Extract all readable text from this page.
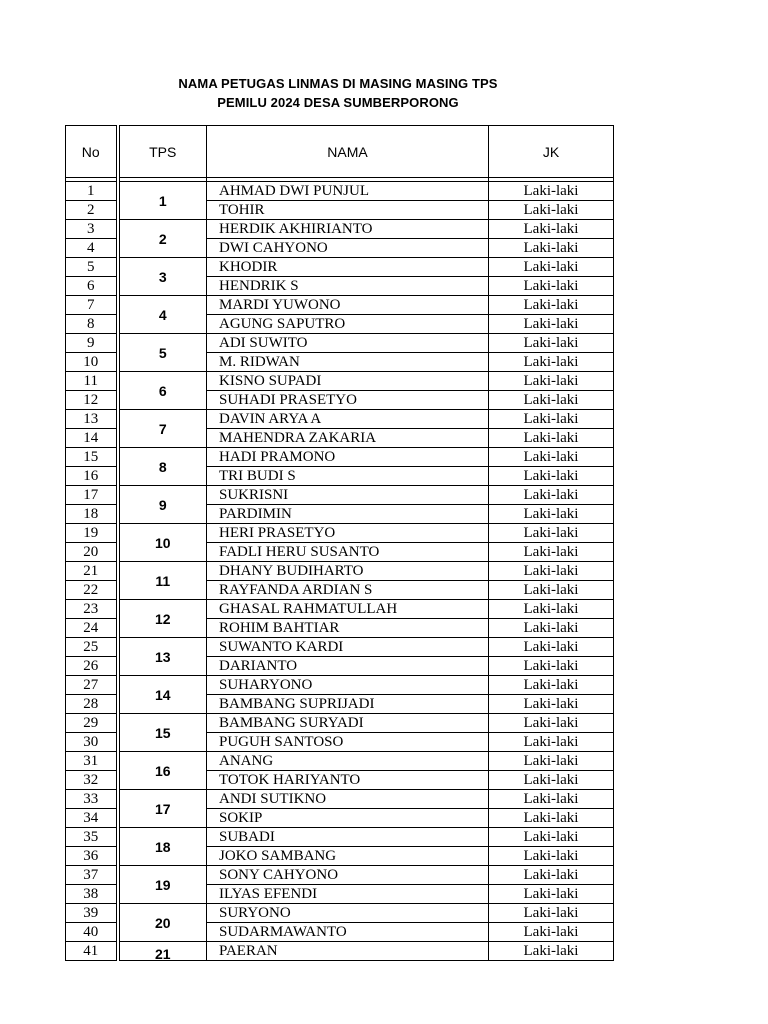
NAMA PETUGAS LINMAS DI MASING MASING TPS
PEMILU 2024 DESA SUMBERPORONG
No	TPS	NAMA	JK

1	1	AHMAD DWI PUNJUL	Laki-laki
2		TOHIR	Laki-laki
3	2	HERDIK AKHIRIANTO	Laki-laki
4		DWI CAHYONO	Laki-laki
5	3	KHODIR	Laki-laki
6		HENDRIK S	Laki-laki
7	4	MARDI YUWONO	Laki-laki
8		AGUNG SAPUTRO	Laki-laki
9	5	ADI SUWITO	Laki-laki
10		M. RIDWAN	Laki-laki
11	6	KISNO SUPADI	Laki-laki
12		SUHADI PRASETYO	Laki-laki
13	7	DAVIN ARYA A	Laki-laki
14		MAHENDRA ZAKARIA	Laki-laki
15	8	HADI PRAMONO	Laki-laki
16		TRI BUDI S	Laki-laki
17	9	SUKRISNI	Laki-laki
18		PARDIMIN	Laki-laki
19	10	HERI PRASETYO	Laki-laki
20		FADLI HERU SUSANTO	Laki-laki
21	11	DHANY BUDIHARTO	Laki-laki
22		RAYFANDA ARDIAN S	Laki-laki
23	12	GHASAL RAHMATULLAH	Laki-laki
24		ROHIM BAHTIAR	Laki-laki
25	13	SUWANTO KARDI	Laki-laki
26		DARIANTO	Laki-laki
27	14	SUHARYONO	Laki-laki
28		BAMBANG SUPRIJADI	Laki-laki
29	15	BAMBANG SURYADI	Laki-laki
30		PUGUH SANTOSO	Laki-laki
31	16	ANANG	Laki-laki
32		TOTOK HARIYANTO	Laki-laki
33	17	ANDI SUTIKNO	Laki-laki
34		SOKIP	Laki-laki
35	18	SUBADI	Laki-laki
36		JOKO SAMBANG	Laki-laki
37	19	SONY CAHYONO	Laki-laki
38		ILYAS EFENDI	Laki-laki
39	20	SURYONO	Laki-laki
40		SUDARMAWANTO	Laki-laki
41	21	PAERAN	Laki-laki
